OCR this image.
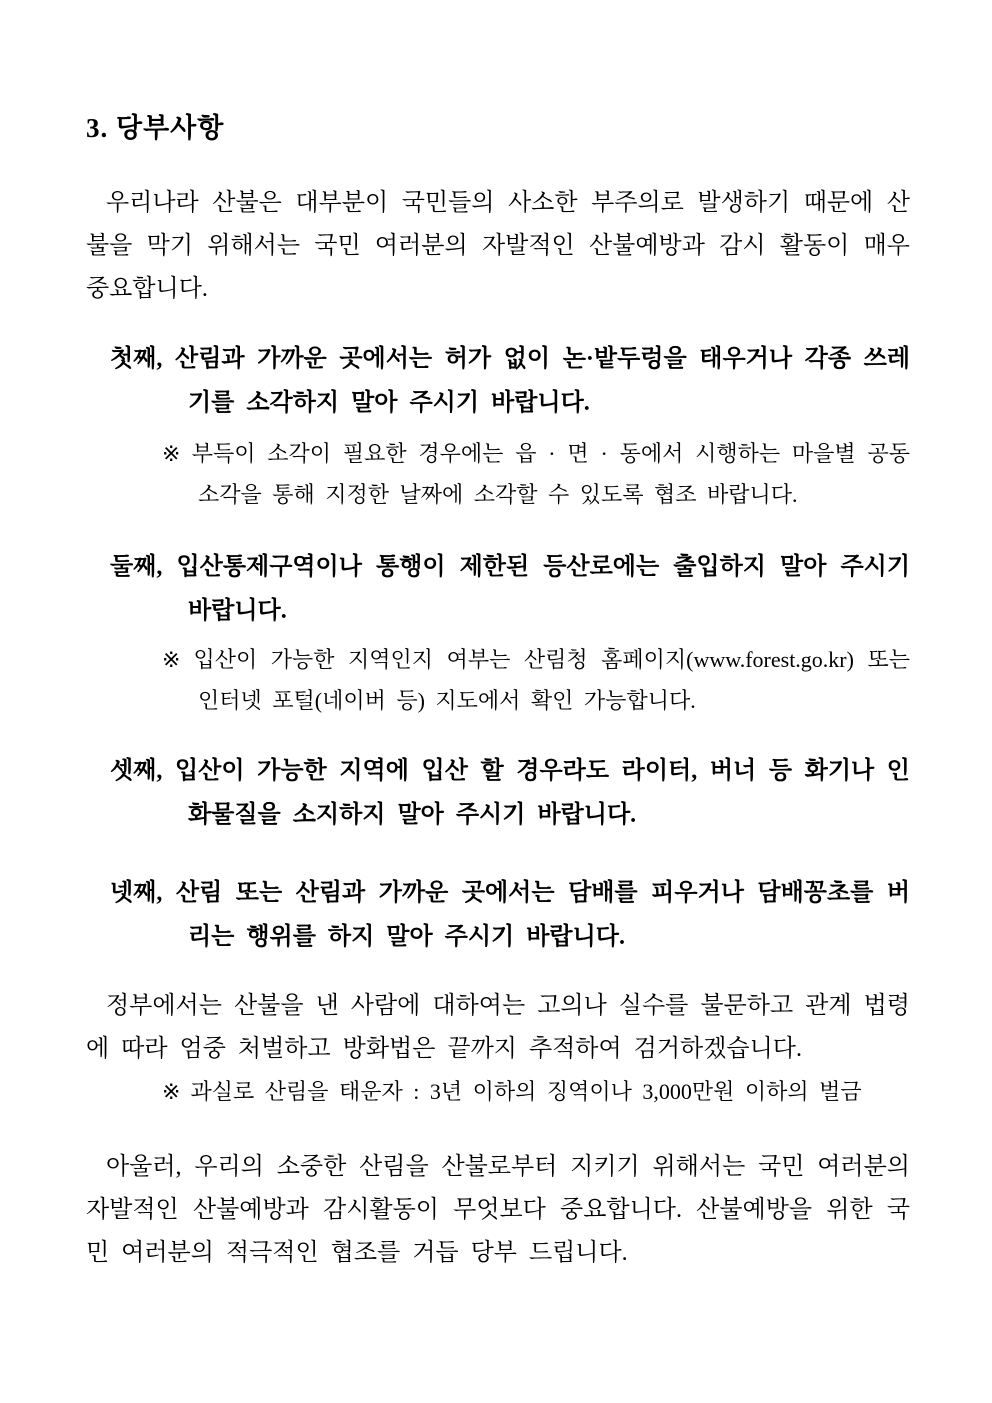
3. 당부사항

우리나라 산불은 대부분이 국민들의 사소한 부주의로 발생하기 때문에 산불을 막기 위해서는 국민 여러분의 자발적인 산불예방과 감시 활동이 매우 중요합니다.

첫째, 산림과 가까운 곳에서는 허가 없이 논·밭두렁을 태우거나 각종 쓰레기를 소각하지 말아 주시기 바랍니다.

※ 부득이 소각이 필요한 경우에는 읍 · 면 · 동에서 시행하는 마을별 공동소각을 통해 지정한 날짜에 소각할 수 있도록 협조 바랍니다.

둘째, 입산통제구역이나 통행이 제한된 등산로에는 출입하지 말아 주시기 바랍니다.

※ 입산이 가능한 지역인지 여부는 산림청 홈페이지(www.forest.go.kr) 또는 인터넷 포털(네이버 등) 지도에서 확인 가능합니다.

셋째, 입산이 가능한 지역에 입산 할 경우라도 라이터, 버너 등 화기나 인화물질을 소지하지 말아 주시기 바랍니다.

넷째, 산림 또는 산림과 가까운 곳에서는 담배를 피우거나 담배꽁초를 버리는 행위를 하지 말아 주시기 바랍니다.

정부에서는 산불을 낸 사람에 대하여는 고의나 실수를 불문하고 관계 법령에 따라 엄중 처벌하고 방화법은 끝까지 추적하여 검거하겠습니다.

※ 과실로 산림을 태운자 : 3년 이하의 징역이나 3,000만원 이하의 벌금

아울러, 우리의 소중한 산림을 산불로부터 지키기 위해서는 국민 여러분의 자발적인 산불예방과 감시활동이 무엇보다 중요합니다. 산불예방을 위한 국민 여러분의 적극적인 협조를 거듭 당부 드립니다.
